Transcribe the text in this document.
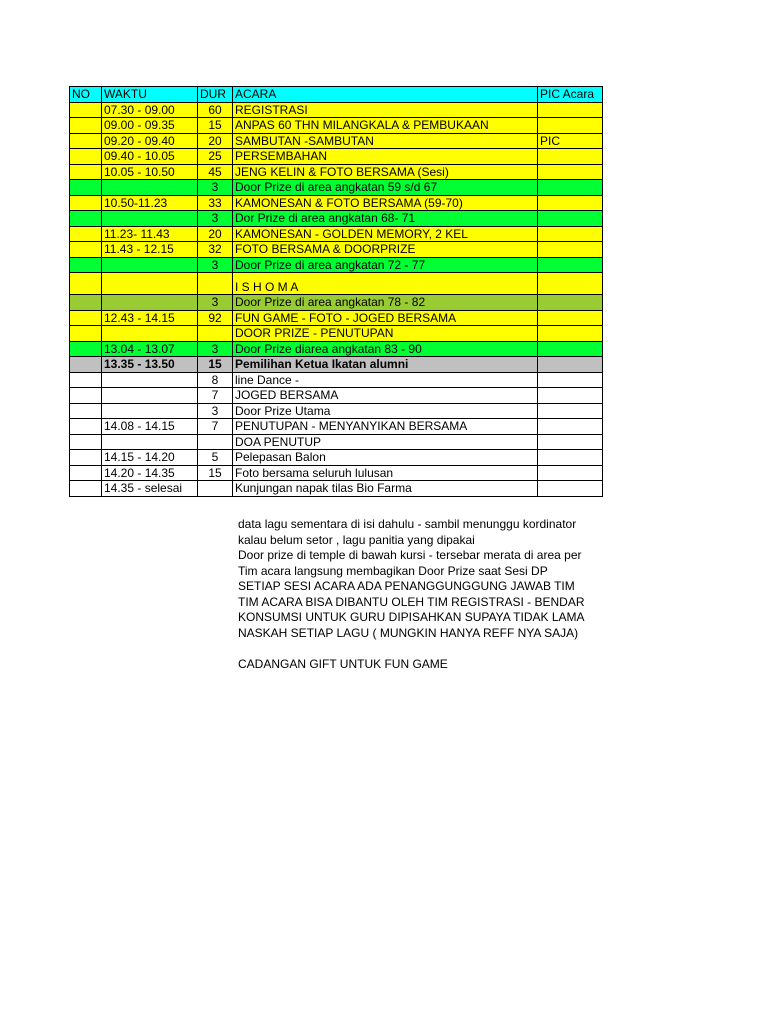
NO	WAKTU	DUR	ACARA	PIC Acara
	07.30 - 09.00	60	REGISTRASI	
	09.00 - 09.35	15	ANPAS 60 THN MILANGKALA & PEMBUKAAN	
	09.20 - 09.40	20	SAMBUTAN -SAMBUTAN	PIC
	09.40 - 10.05	25	PERSEMBAHAN	
	10.05 - 10.50	45	JENG KELIN & FOTO BERSAMA (Sesi)	
		3	Door Prize di area angkatan 59 s/d 67	
	10.50-11.23	33	KAMONESAN & FOTO BERSAMA (59-70)	
		3	Dor Prize di area angkatan 68- 71	
	11.23- 11.43	20	KAMONESAN - GOLDEN MEMORY, 2 KEL	
	11.43 - 12.15	32	FOTO BERSAMA & DOORPRIZE	
		3	Door Prize di area angkatan 72 - 77	
			I S H O M A	
		3	Door Prize di area angkatan 78 - 82	
	12.43 - 14.15	92	FUN GAME - FOTO - JOGED BERSAMA	
			DOOR PRIZE - PENUTUPAN	
	13.04 - 13.07	3	Door Prize diarea angkatan 83 - 90	
	13.35 - 13.50	15	Pemilihan Ketua Ikatan alumni	
		8	line Dance -	
		7	JOGED BERSAMA	
		3	Door Prize Utama	
	14.08 - 14.15	7	PENUTUPAN - MENYANYIKAN BERSAMA	
			DOA PENUTUP	
	14.15 - 14.20	5	Pelepasan Balon	
	14.20 - 14.35	15	Foto bersama seluruh lulusan	
	14.35 - selesai		Kunjungan napak tilas Bio Farma	
data lagu sementara di isi dahulu - sambil menunggu kordinator
kalau belum setor , lagu panitia yang dipakai
Door prize di temple di bawah kursi - tersebar merata di area per
Tim acara langsung membagikan Door Prize saat Sesi DP
SETIAP SESI ACARA ADA PENANGGUNGGUNG JAWAB TIM
TIM ACARA BISA DIBANTU OLEH TIM REGISTRASI - BENDAR
KONSUMSI UNTUK GURU DIPISAHKAN SUPAYA TIDAK LAMA
NASKAH SETIAP LAGU ( MUNGKIN HANYA REFF NYA SAJA)
CADANGAN GIFT UNTUK FUN GAME
